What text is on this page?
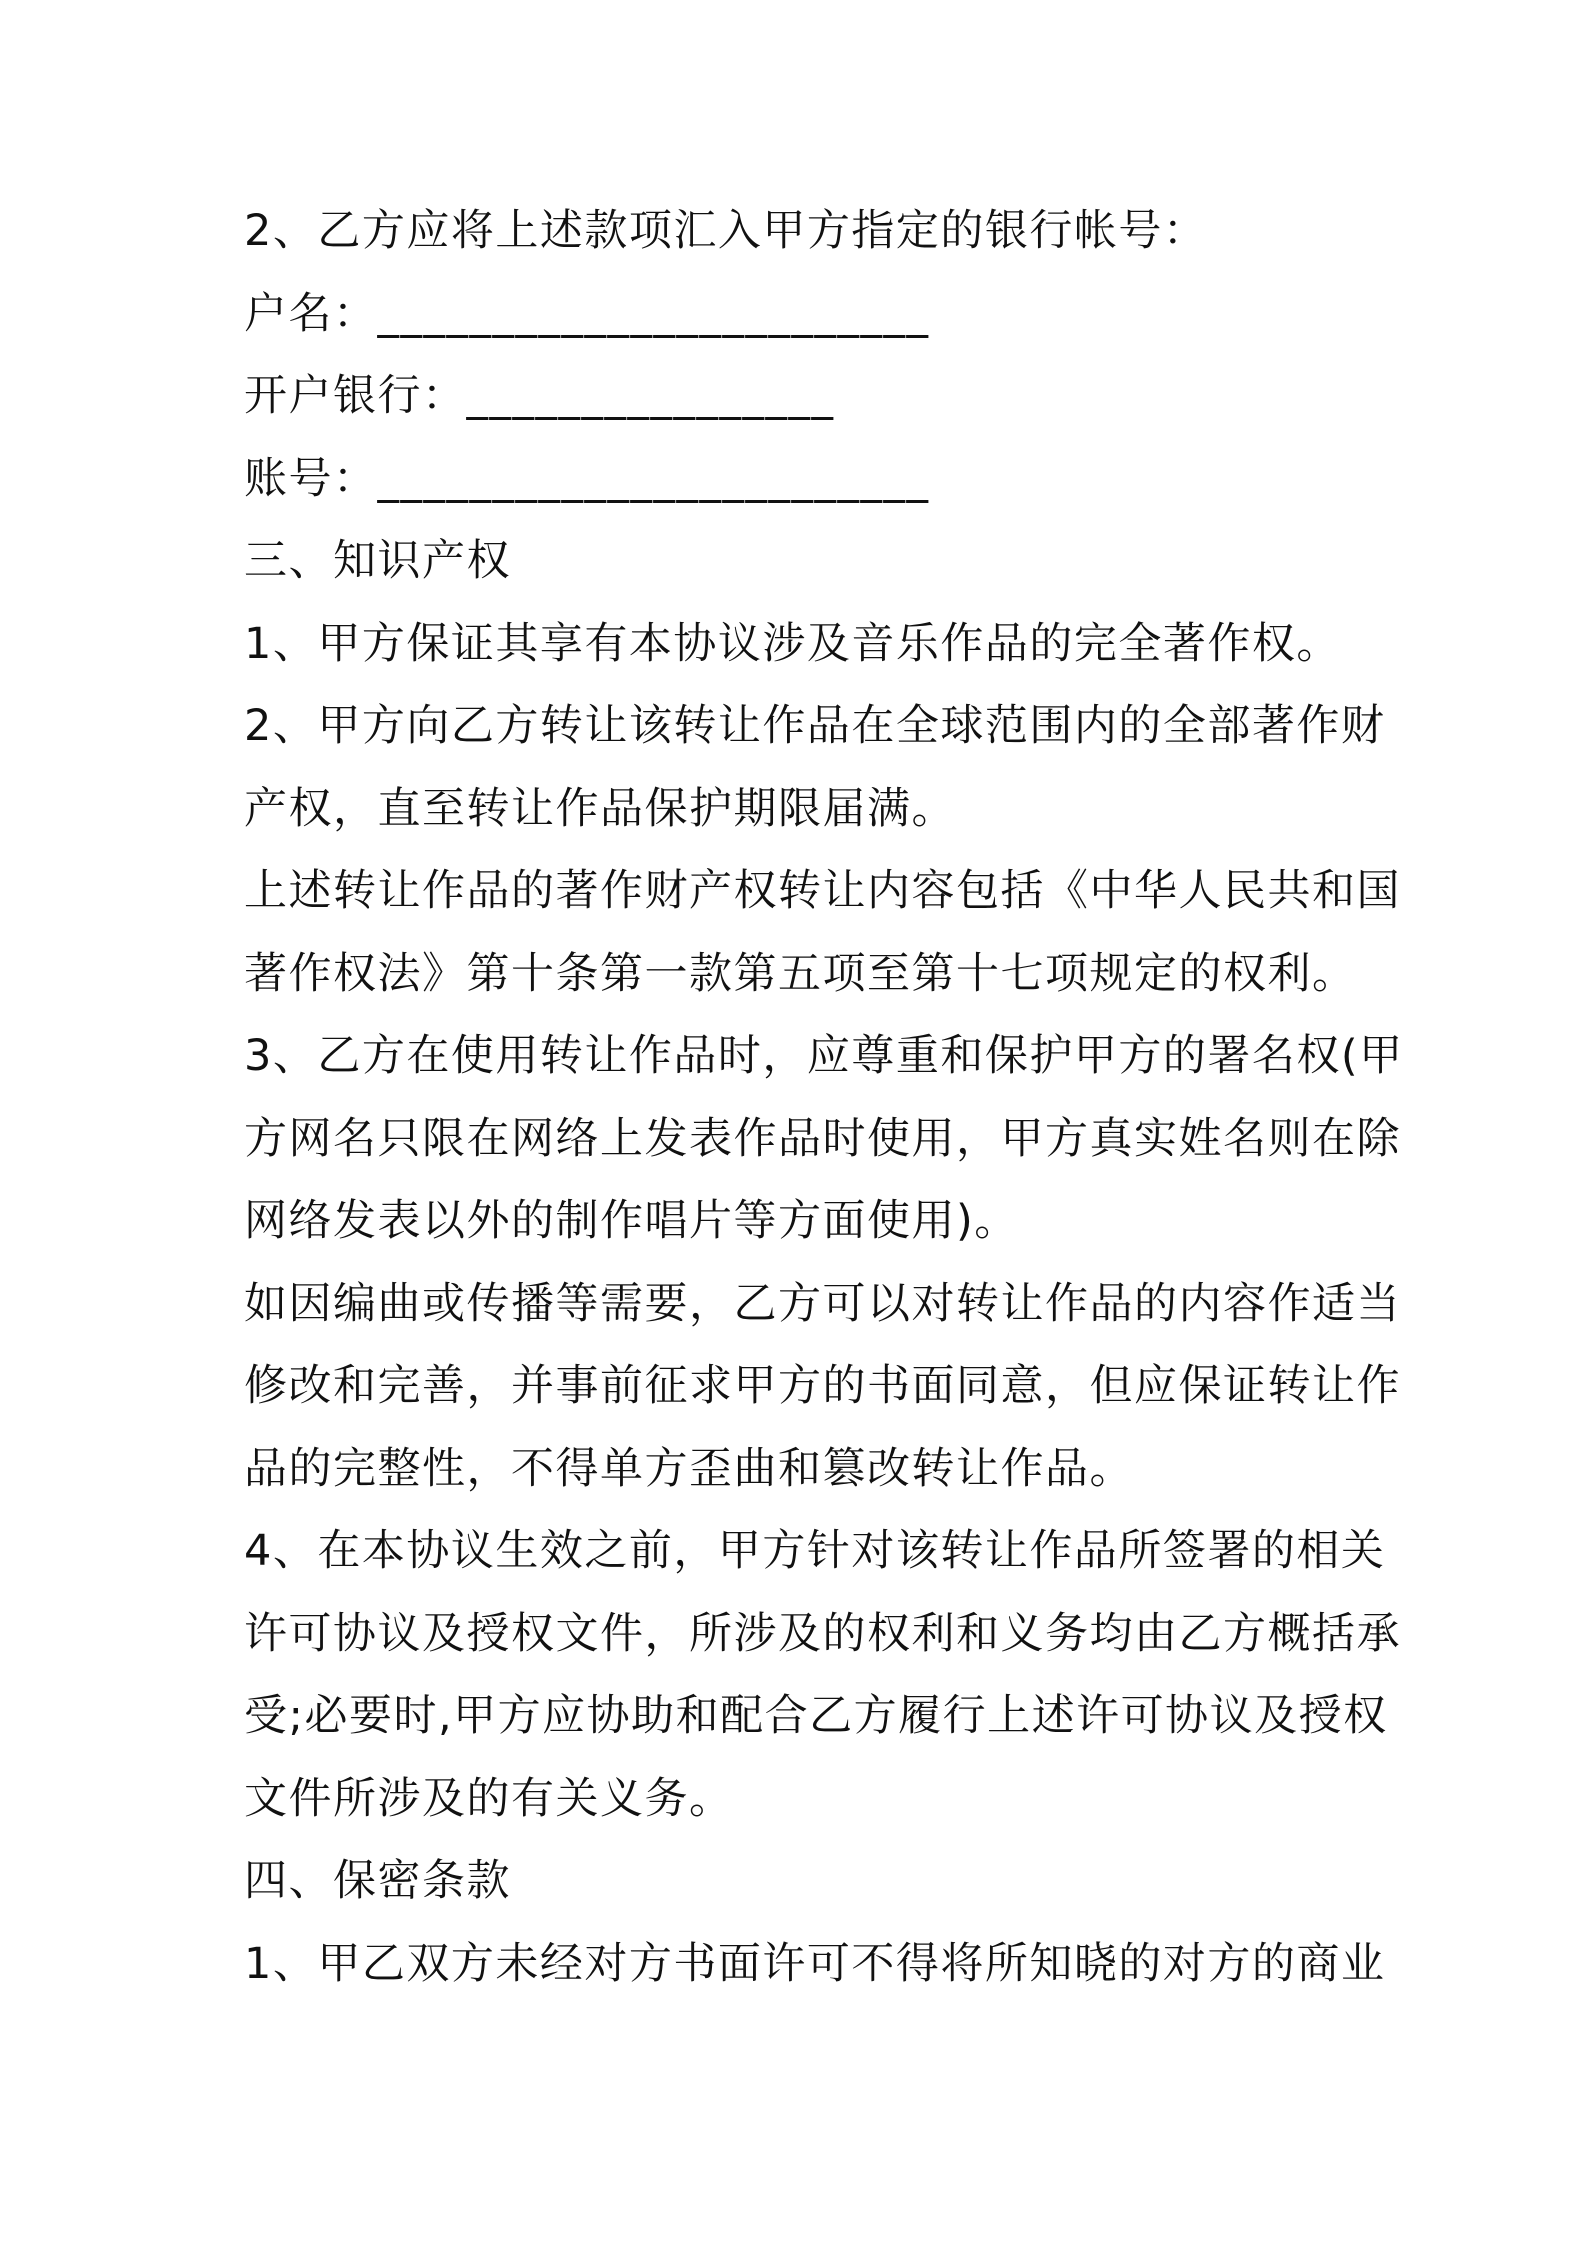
2、乙方应将上述款项汇入甲方指定的银行帐号：
户名：________________________
开户银行：________________
账号：________________________
三、知识产权
1、甲方保证其享有本协议涉及音乐作品的完全著作权。
2、甲方向乙方转让该转让作品在全球范围内的全部著作财
产权，直至转让作品保护期限届满。
上述转让作品的著作财产权转让内容包括《中华人民共和国
著作权法》第十条第一款第五项至第十七项规定的权利。
3、乙方在使用转让作品时，应尊重和保护甲方的署名权(甲
方网名只限在网络上发表作品时使用，甲方真实姓名则在除
网络发表以外的制作唱片等方面使用)。
如因编曲或传播等需要，乙方可以对转让作品的内容作适当
修改和完善，并事前征求甲方的书面同意，但应保证转让作
品的完整性，不得单方歪曲和篡改转让作品。
4、在本协议生效之前，甲方针对该转让作品所签署的相关
许可协议及授权文件，所涉及的权利和义务均由乙方概括承
受;必要时,甲方应协助和配合乙方履行上述许可协议及授权
文件所涉及的有关义务。
四、保密条款
1、甲乙双方未经对方书面许可不得将所知晓的对方的商业
